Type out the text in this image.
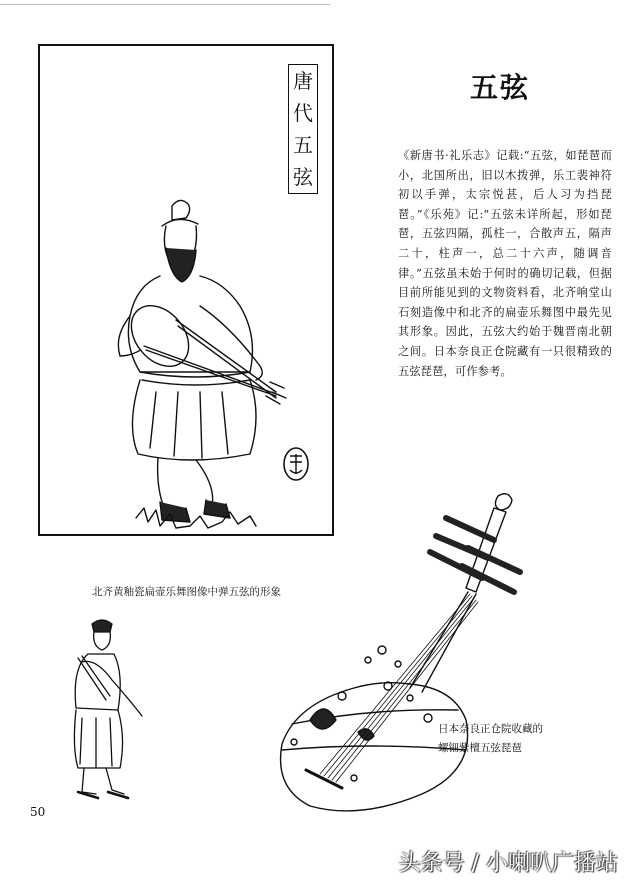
唐
代
五
弦
五弦
《新唐书·礼乐志》记载:“五弦，如琵琶而小，北国所出，旧以木拨弹，乐工裴神符初以手弹，太宗悦甚，后人习为挡琵琶。”《乐苑》记:“五弦未详所起，形如琵琶，五弦四隔，孤柱一，合散声五，隔声二十，柱声一，总二十六声，随调音律。”五弦虽未始于何时的确切记载，但据目前所能见到的文物资料看，北齐响堂山石刻造像中和北齐的扁壶乐舞图中最先见其形象。因此，五弦大约始于魏晋南北朝之间。日本奈良正仓院藏有一只很精致的五弦琵琶，可作参考。
北齐黄釉瓷扁壶乐舞图像中弹五弦的形象
日本奈良正仓院收藏的
螺钿紫檀五弦琵琶
50
头条号 / 小喇叭广播站
